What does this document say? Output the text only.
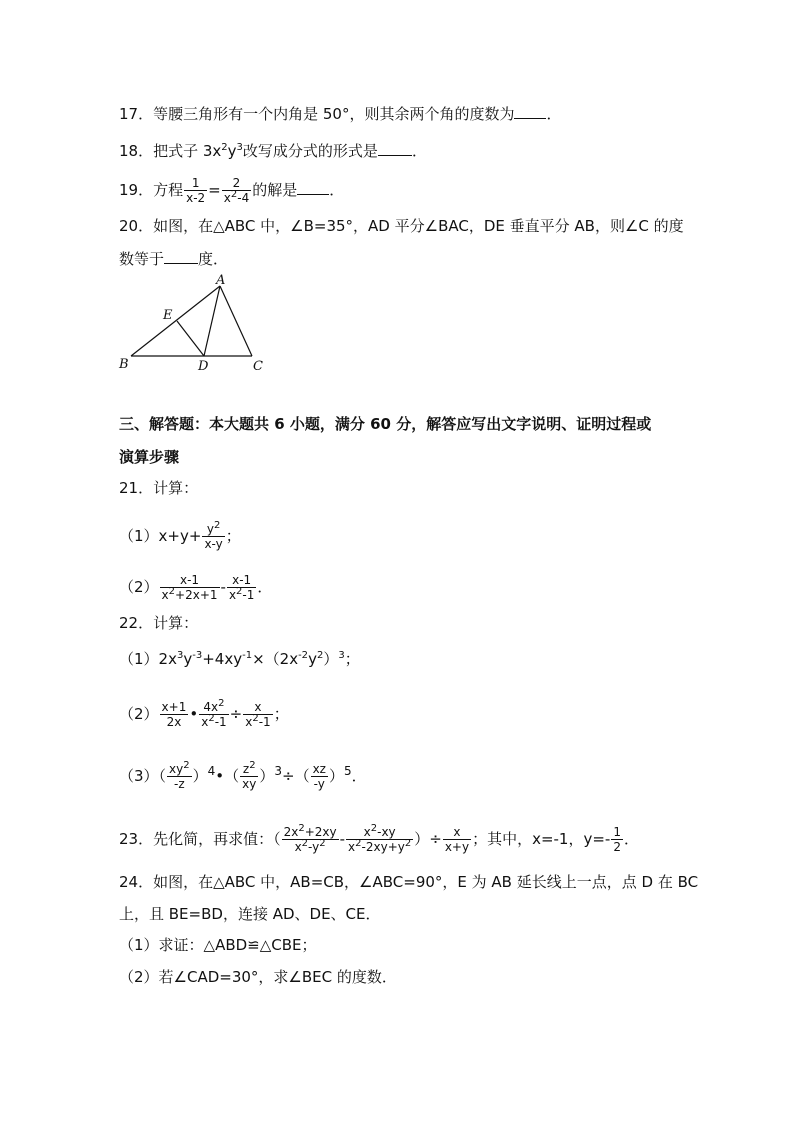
17．等腰三角形有一个内角是 50°，则其余两个角的度数为 ．
18．把式子 $3x^2y^3$改写成分式的形式是 ．
19．方程 $\frac{1}{x-2} = \frac{2}{x^2-4}$ 的解是 ．
20．如图，在△ABC 中，∠B=35°，AD 平分∠BAC，DE 垂直平分 AB，则∠C 的度
数等于 度．
A
B	C
D
E
三、解答题：本大题共 6 小题，满分 60 分，解答应写出文字说明、证明过程或
演算步骤
21．计算：
$(1)x+y+ \frac{y^2}{x-y}$ ；
$(2) \frac{x-1}{x^2+2x+1} - \frac{x-1}{x^2-1}$ ．
22．计算：
$(1)2x^3y^{-3}+4xy^{-1}\times(2x^{-2}y^2)^3$；
$(2) \frac{x+1}{2x}$ • $\frac{4x^2}{x^2-1} \div \frac{x}{x^2-1}$ ；
$(3)( \frac{xy^2}{-z}$ ）$^4•( \frac{z^2}{xy} )^3\div( \frac{xz}{-y} )^5$．
23．先化简，再求值：（ $\frac{2x^2+2xy}{x^2-y^2} - \frac{x^2-xy}{x^2-2xy+y^2}$ ）÷ $\frac{x}{x+y}$ ；其中，x=-1，$y=- \frac{1}{2}$ ．
24．如图，在△ABC 中，AB=CB，∠ABC=90°，E 为 AB 延长线上一点，点 D 在 BC
上，且 BE=BD，连接 AD、DE、CE．
（1）求证：△ABD≌△CBE；
（2）若∠CAD=30°，求∠BEC 的度数．
